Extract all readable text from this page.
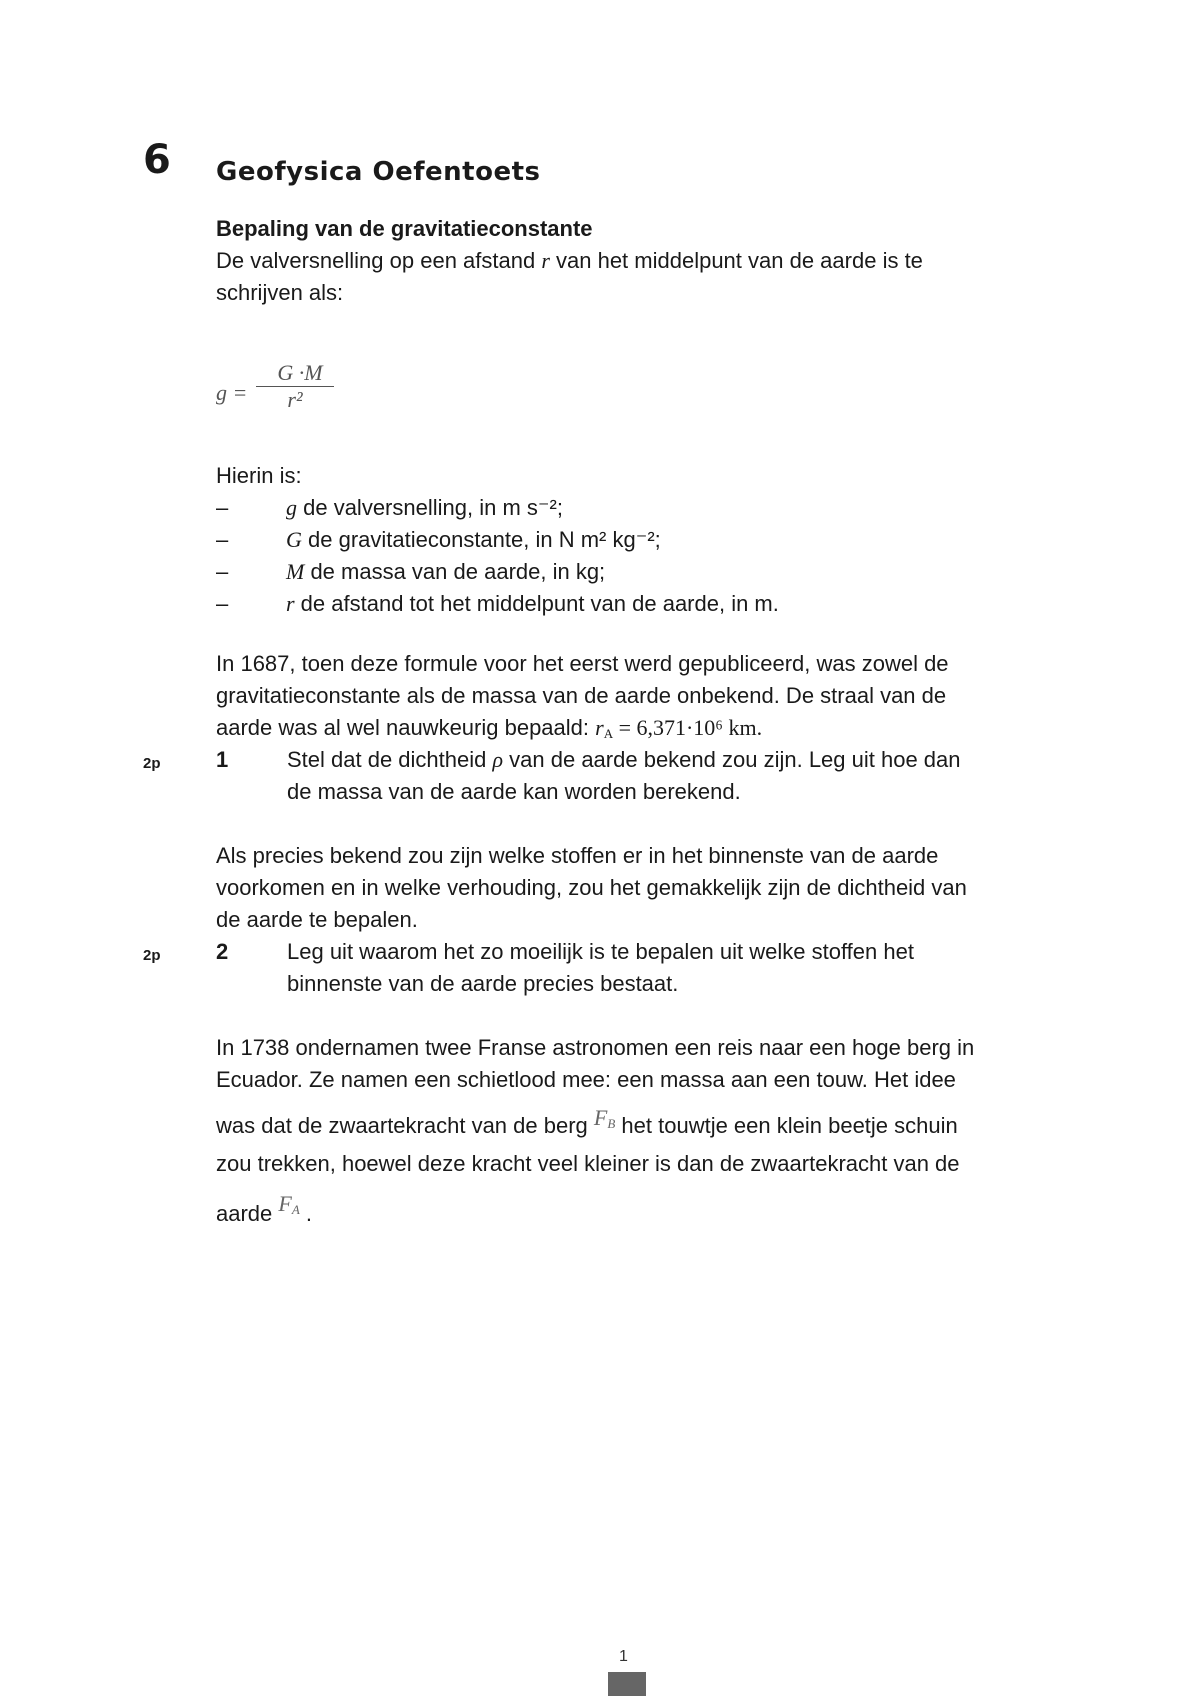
6 Geofysica Oefentoets
Bepaling van de gravitatieconstante
De valversnelling op een afstand r van het middelpunt van de aarde is te
schrijven als:
g =
G ·M
r²
Hierin is:
–	g de valversnelling, in m s⁻²;
–	G de gravitatieconstante, in N m² kg⁻²;
–	M de massa van de aarde, in kg;
–	r de afstand tot het middelpunt van de aarde, in m.
In 1687, toen deze formule voor het eerst werd gepubliceerd, was zowel de
gravitatieconstante als de massa van de aarde onbekend. De straal van de
aarde was al wel nauwkeurig bepaald: rA = 6,371·10⁶ km.
2p	1	Stel dat de dichtheid ρ van de aarde bekend zou zijn. Leg uit hoe dan
de massa van de aarde kan worden berekend.
Als precies bekend zou zijn welke stoffen er in het binnenste van de aarde
voorkomen en in welke verhouding, zou het gemakkelijk zijn de dichtheid van
de aarde te bepalen.
2p	2	Leg uit waarom het zo moeilijk is te bepalen uit welke stoffen het
binnenste van de aarde precies bestaat.
In 1738 ondernamen twee Franse astronomen een reis naar een hoge berg in
Ecuador. Ze namen een schietlood mee: een massa aan een touw. Het idee
was dat de zwaartekracht van de berg FB het touwtje een klein beetje schuin
zou trekken, hoewel deze kracht veel kleiner is dan de zwaartekracht van de
aarde FA .
1
